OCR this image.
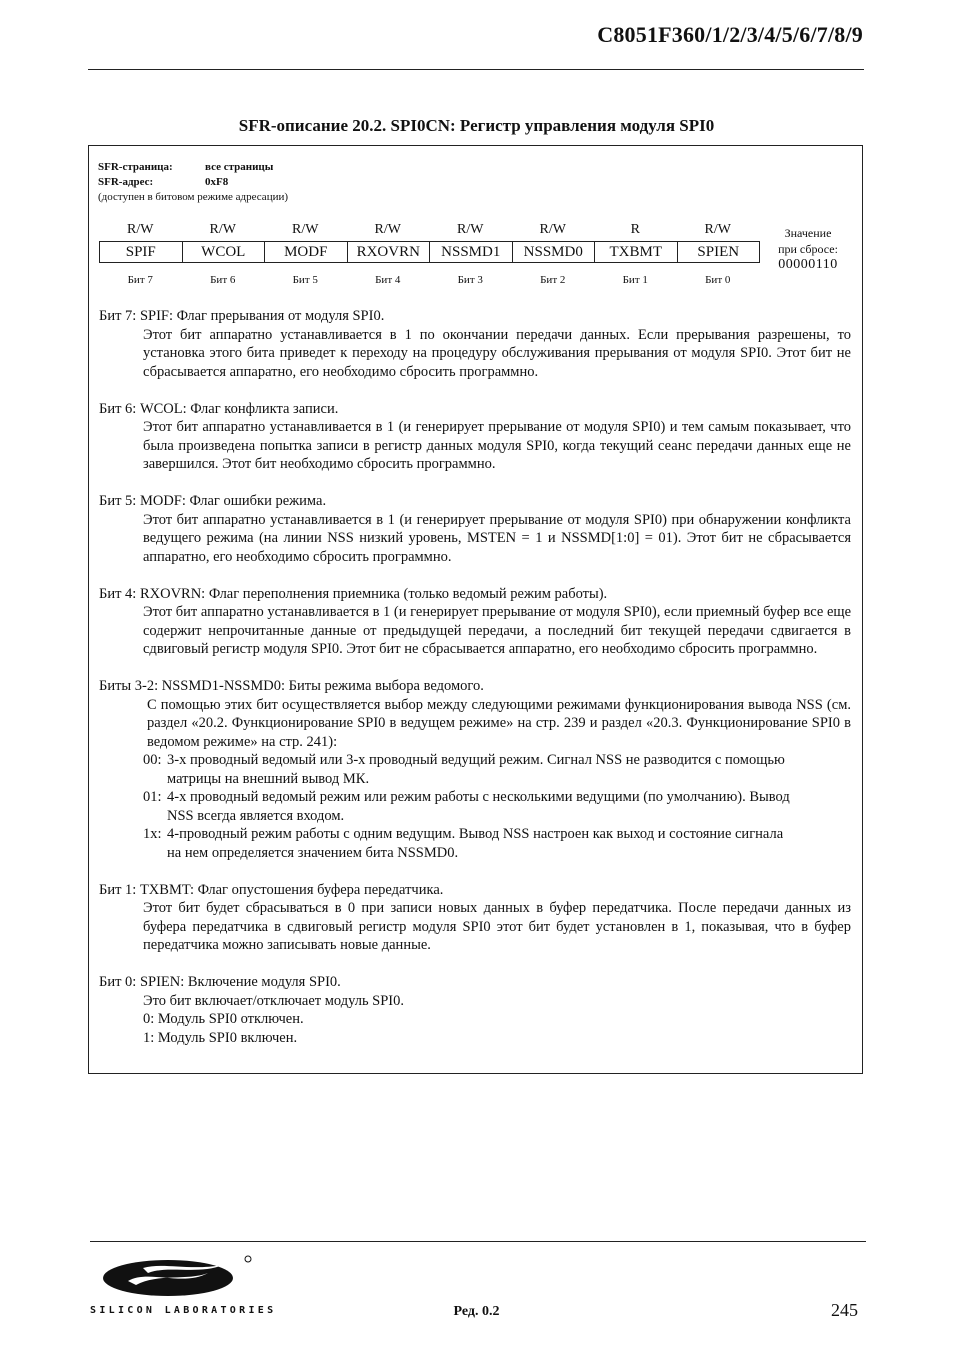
C8051F360/1/2/3/4/5/6/7/8/9
SFR-описание 20.2. SPI0CN: Регистр управления модуля SPI0
SFR-страница:	все страницы
SFR-адрес:	0xF8
(доступен в битовом режиме адресации)
R/W	R/W	R/W	R/W	R/W	R/W	R	R/W
SPIF	WCOL	MODF	RXOVRN	NSSMD1	NSSMD0	TXBMT	SPIEN
Бит 7	Бит 6	Бит 5	Бит 4	Бит 3	Бит 2	Бит 1	Бит 0
Значение
при сбросе:
00000110
Бит 7: SPIF: Флаг прерывания от модуля SPI0.
Этот бит аппаратно устанавливается в 1 по окончании передачи данных. Если прерывания разрешены, то установка этого бита приведет к переходу на процедуру обслуживания прерывания от модуля SPI0. Этот бит не сбрасывается аппаратно, его необходимо сбросить программно.
Бит 6: WCOL: Флаг конфликта записи.
Этот бит аппаратно устанавливается в 1 (и генерирует прерывание от модуля SPI0) и тем самым показывает, что была произведена попытка записи в регистр данных модуля SPI0, когда текущий сеанс передачи данных еще не завершился. Этот бит необходимо сбросить программно.
Бит 5: MODF: Флаг ошибки режима.
Этот бит аппаратно устанавливается в 1 (и генерирует прерывание от модуля SPI0) при обнаружении конфликта ведущего режима (на линии NSS низкий уровень, MSTEN = 1 и NSSMD[1:0] = 01). Этот бит не сбрасывается аппаратно, его необходимо сбросить программно.
Бит 4: RXOVRN: Флаг переполнения приемника (только ведомый режим работы).
Этот бит аппаратно устанавливается в 1 (и генерирует прерывание от модуля SPI0), если приемный буфер все еще содержит непрочитанные данные от предыдущей передачи, а последний бит текущей передачи сдвигается в сдвиговый регистр модуля SPI0. Этот бит не сбрасывается аппаратно, его необходимо сбросить программно.
Биты 3-2: NSSMD1-NSSMD0: Биты режима выбора ведомого.
С помощью этих бит осуществляется выбор между следующими режимами функционирования вывода NSS (см. раздел «20.2. Функционирование SPI0 в ведущем режиме» на стр. 239 и раздел «20.3. Функционирование SPI0 в ведомом режиме» на стр. 241):
00: 3-х проводный ведомый или 3-х проводный ведущий режим. Сигнал NSS не разводится с помощью
матрицы на внешний вывод МК.
01: 4-х проводный ведомый режим или режим работы с несколькими ведущими (по умолчанию). Вывод
NSS всегда является входом.
1x: 4-проводный режим работы с одним ведущим. Вывод NSS настроен как выход и состояние сигнала
на нем определяется значением бита NSSMD0.
Бит 1: TXBMT: Флаг опустошения буфера передатчика.
Этот бит будет сбрасываться в 0 при записи новых данных в буфер передатчика. После передачи данных из буфера передатчика в сдвиговый регистр модуля SPI0 этот бит будет установлен в 1, показывая, что в буфер передатчика можно записывать новые данные.
Бит 0: SPIEN: Включение модуля SPI0.
Это бит включает/отключает модуль SPI0.
0: Модуль SPI0 отключен.
1: Модуль SPI0 включен.
SILICON LABORATORIES	Ред. 0.2	245
